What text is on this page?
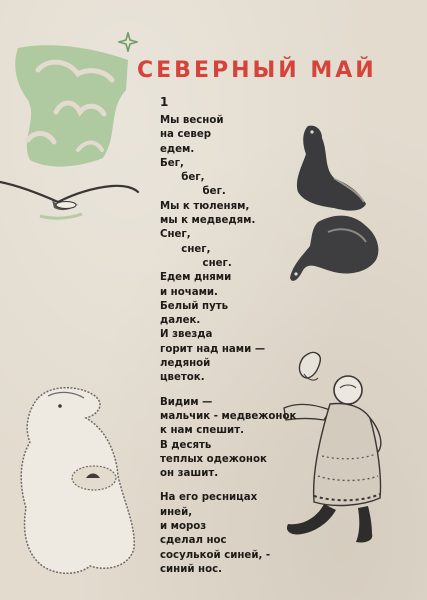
СЕВЕРНЫЙ МАЙ
1
Мы весной
на север
едем.
Бег,
бег,
бег.
Мы к тюленям,
мы к медведям.
Снег,
снег,
снег.
Едем днями
и ночами.
Белый путь
далек.
И звезда
горит над нами —
ледяной
цветок.
Видим —
мальчик - медвежонок
к нам спешит.
В десять
теплых одежонок
он зашит.
На его ресницах
иней,
и мороз
сделал нос
сосулькой синей, -
синий нос.
